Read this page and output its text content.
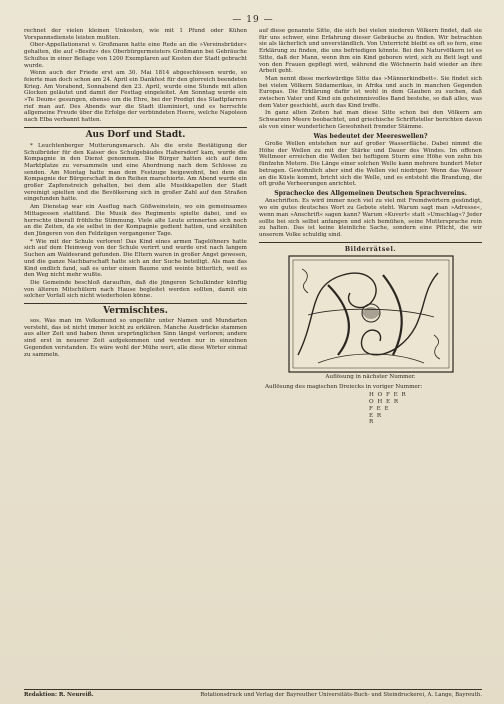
— 19 —

rechnet der vielen kleinen Unkosten, wie mit 1 Pfund oder Kühen Vorspannsdienste leisten mußten.

Ober-Appellationsrat v. Großmann hatte eine Rede an die »Vereinsbrüder« gehalten, die auf »Besitz« des Oberbürgermeisters Großmann bei Gebräuche Schultes in einer Beilage von 1200 Exemplaren auf Kosten der Stadt gebracht wurde.

Wenn auch der Friede erst am 30. Mai 1814 abgeschlossen wurde, so feierte man doch schon am 24. April ein Dankfest für den glorreich beendeten Krieg. Am Vorabend, Sonnabend den 23. April, wurde eine Stunde mit allen Glocken geläutet und damit der Festtag eingeleitet. Am Sonntag wurde ein »Te Deum« gesungen, ebenso um die Ehre, bei der Predigt des Stadtpfarrers rief man auf. Des Abends war die Stadt illuminiert, und es herrschte allgemeine Freude über die Erfolge der verbündeten Heere, welche Napoleon nach Elba verbannt hatten.

Aus Dorf und Stadt.

* Leuchtenberger Mutterungsmarsch. Als die erste Bestätigung der Schulbrüder für den Kaiser des Schulgebäudes Habersdorf kam, wurde die Kompagnie in den Dienst genommen. Die Bürger hatten sich auf dem Marktplatze zu versammeln und eine Abordnung nach dem Schlosse zu senden. Am Montag hatte man dem Festzuge beigewohnt, bei dem die Kompagnie der Bürgerschaft in den Reihen marschierte. Am Abend wurde ein großer Zapfenstreich gehalten, bei dem alle Musikkapellen der Stadt vereinigt spielten und die Bevölkerung sich in großer Zahl auf den Straßen eingefunden hatte.

Am Dienstag war ein Ausflug nach Gößweinstein, wo ein gemeinsames Mittagessen stattfand. Die Musik des Regiments spielte dabei, und es herrschte überall fröhliche Stimmung. Viele alte Leute erinnerten sich noch an die Zeiten, da sie selbst in der Kompagnie gedient hatten, und erzählten den Jüngeren von den Feldzügen vergangener Tage.

* Wie mit der Schule verloren! Das Kind eines armen Tagelöhners hatte sich auf dem Heimweg von der Schule verirrt und wurde erst nach langem Suchen am Waldesrand gefunden. Die Eltern waren in großer Angst gewesen, und die ganze Nachbarschaft hatte sich an der Suche beteiligt. Als man das Kind endlich fand, saß es unter einem Baume und weinte bitterlich, weil es den Weg nicht mehr wußte.

Die Gemeinde beschloß daraufhin, daß die jüngeren Schulkinder künftig von älteren Mitschülern nach Hause begleitet werden sollten, damit ein solcher Vorfall sich nicht wiederholen könne.

Vermischtes.

sos. Was man im Volksmund so ungefähr unter Namen und Mundarten versteht, das ist nicht immer leicht zu erklären. Manche Ausdrücke stammen aus alter Zeit und haben ihren ursprünglichen Sinn längst verloren; andere sind erst in neuerer Zeit aufgekommen und werden nur in einzelnen Gegenden verstanden. Es wäre wohl der Mühe wert, alle diese Wörter einmal zu sammeln.

auf diese genannte Sitte, die sich bei vielen niederen Völkern findet, daß sie für uns schwer, eine Erfahrung dieser Gebräuche zu finden. Wir betrachten sie als lächerlich und unverständlich. Von Unterricht bleibt es oft so fern, eine Erklärung zu finden, die uns befriedigen könnte. Bei den Naturvölkern ist es Sitte, daß der Mann, wenn ihm ein Kind geboren wird, sich zu Bett legt und von den Frauen gepflegt wird, während die Wöchnerin bald wieder an ihre Arbeit geht.

Man nennt diese merkwürdige Sitte das »Männerkindbett«. Sie findet sich bei vielen Völkern Südamerikas, in Afrika und auch in manchen Gegenden Europas. Die Erklärung dafür ist wohl in dem Glauben zu suchen, daß zwischen Vater und Kind ein geheimnisvolles Band bestehe, so daß alles, was dem Vater geschieht, auch das Kind treffe.

In ganz alten Zeiten hat man diese Sitte schon bei den Völkern am Schwarzen Meere beobachtet, und griechische Schriftsteller berichten davon als von einer wunderlichen Gewohnheit fremder Stämme.

Was bedeutet der Meereswellen?

Große Wellen entstehen nur auf großer Wasserfläche. Dabei nimmt die Höhe der Wellen zu mit der Stärke und Dauer des Windes. Im offenen Weltmeer erreichen die Wellen bei heftigem Sturm eine Höhe von zehn bis fünfzehn Metern. Die Länge einer solchen Welle kann mehrere hundert Meter betragen. Gewöhnlich aber sind die Wellen viel niedriger. Wenn das Wasser an die Küste kommt, bricht sich die Welle, und es entsteht die Brandung, die oft große Verheerungen anrichtet.

Sprachecke des Allgemeinen Deutschen Sprachvereins.

Anschriften. Es wird immer noch viel zu viel mit Fremdwörtern gesündigt, wo ein gutes deutsches Wort zu Gebote steht. Warum sagt man »Adresse«, wenn man »Anschrift« sagen kann? Warum »Kuvert« statt »Umschlag«? Jeder sollte bei sich selbst anfangen und sich bemühen, seine Muttersprache rein zu halten. Das ist keine kleinliche Sache, sondern eine Pflicht, die wir unserem Volke schuldig sind.

Bilderrätsel.
Auflösung in nächster Nummer.
Auflösung des magischen Dreiecks in voriger Nummer:
H O F E R
O H E R
F E E
E R
R
Redaktion: R. Neureiß.	Rotationsdruck und Verlag der Bayreuther Universitäts-Buch- und Steindruckerei, A. Lange, Bayreuth.
